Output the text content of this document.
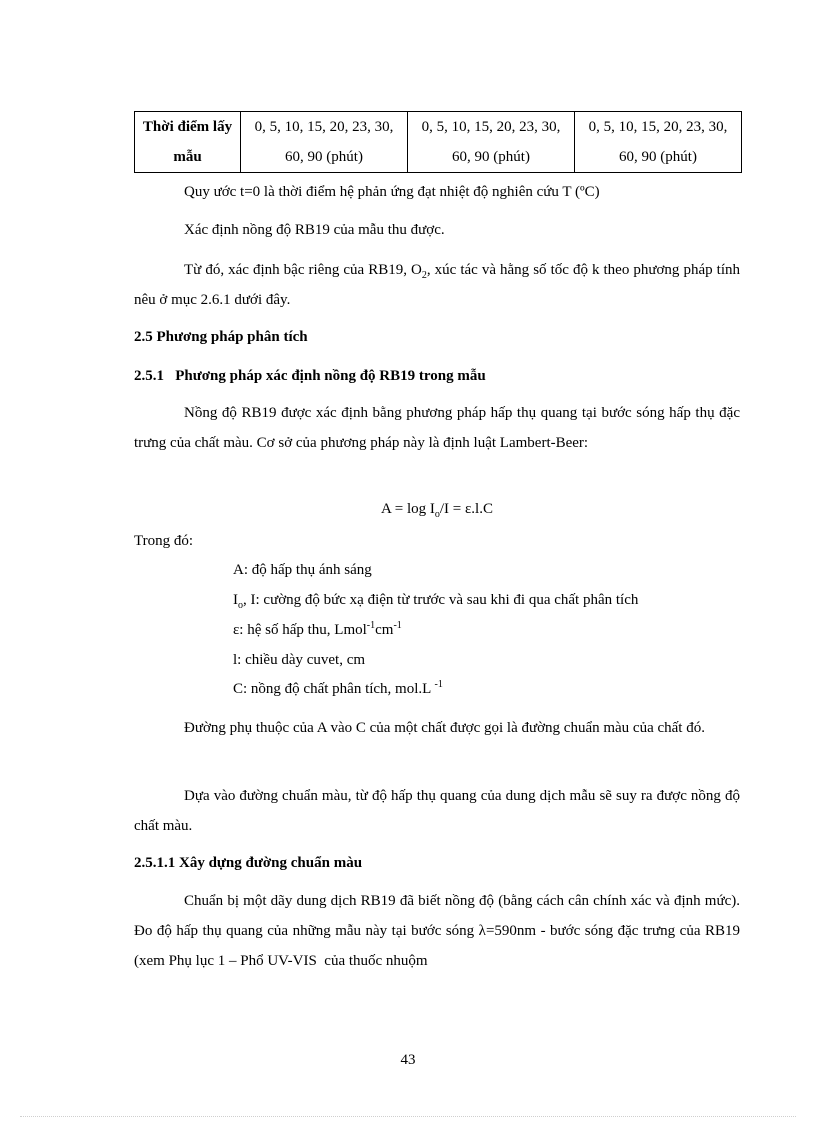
Thời điểm lấy mẫu	0, 5, 10, 15, 20, 23, 30, 60, 90 (phút)	0, 5, 10, 15, 20, 23, 30, 60, 90 (phút)	0, 5, 10, 15, 20, 23, 30, 60, 90 (phút)

Quy ước t=0 là thời điểm hệ phản ứng đạt nhiệt độ nghiên cứu T (ºC)

Xác định nồng độ RB19 của mẫu thu được.

Từ đó, xác định bậc riêng của RB19, $O_2$, xúc tác và hằng số tốc độ k theo phương pháp tính nêu ở mục 2.6.1 dưới đây.

2.5 Phương pháp phân tích

2.5.1   Phương pháp xác định nồng độ RB19 trong mẫu

Nồng độ RB19 được xác định bằng phương pháp hấp thụ quang tại bước sóng hấp thụ đặc trưng của chất màu. Cơ sở của phương pháp này là định luật Lambert-Beer:

$A = \log I_o/I = \varepsilon.l.C$

Trong đó:

A: độ hấp thụ ánh sáng

$I_o$, I: cường độ bức xạ điện từ trước và sau khi đi qua chất phân tích

ε: hệ số hấp thu, $Lmol^{-1}cm^{-1}$

l: chiều dày cuvet, cm

C: nồng độ chất phân tích, mol.L $^{-1}$

Đường phụ thuộc của A vào C của một chất được gọi là đường chuẩn màu của chất đó.

Dựa vào đường chuẩn màu, từ độ hấp thụ quang của dung dịch mẫu sẽ suy ra được nồng độ chất màu.

2.5.1.1 Xây dựng đường chuẩn màu

Chuẩn bị một dãy dung dịch RB19 đã biết nồng độ (bằng cách cân chính xác và định mức). Đo độ hấp thụ quang của những mẫu này tại bước sóng λ=590nm - bước sóng đặc trưng của RB19 (xem Phụ lục 1 – Phổ UV-VIS  của thuốc nhuộm

43
